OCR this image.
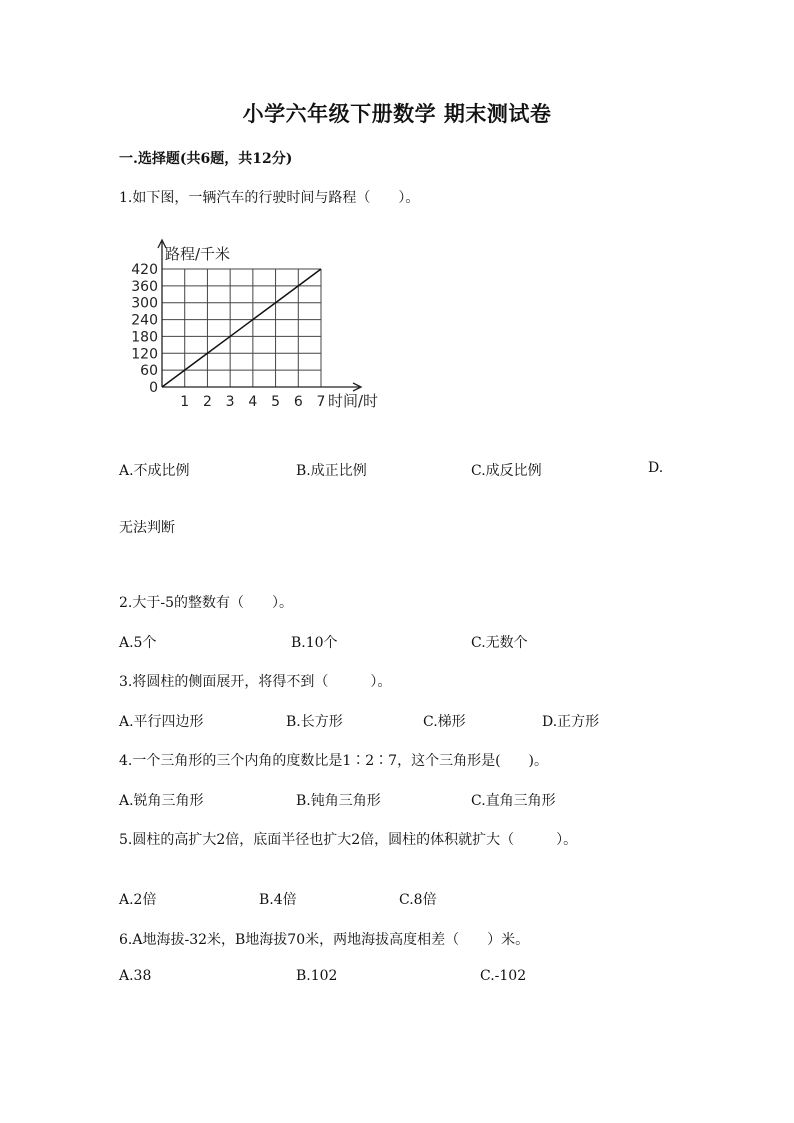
小学六年级下册数学 期末测试卷
一.选择题(共6题，共12分)
1.如下图，一辆汽车的行驶时间与路程（　　）。
0
60
120
180
240
300
360
420
1 2 3 4 5 6 7
路程/千米
时间/时
A.不成比例	B.成正比例	C.成反比例	D.
无法判断
2.大于-5的整数有（　　）。
A.5个	B.10个	C.无数个
3.将圆柱的侧面展开，将得不到（　　　）。
A.平行四边形	B.长方形	C.梯形	D.正方形
4.一个三角形的三个内角的度数比是1∶2∶7，这个三角形是(　　)。
A.锐角三角形	B.钝角三角形	C.直角三角形
5.圆柱的高扩大2倍，底面半径也扩大2倍，圆柱的体积就扩大（　　　）。
A.2倍	B.4倍	C.8倍
6.A地海拔-32米，B地海拔70米，两地海拔高度相差（　　）米。
A.38	B.102	C.-102
